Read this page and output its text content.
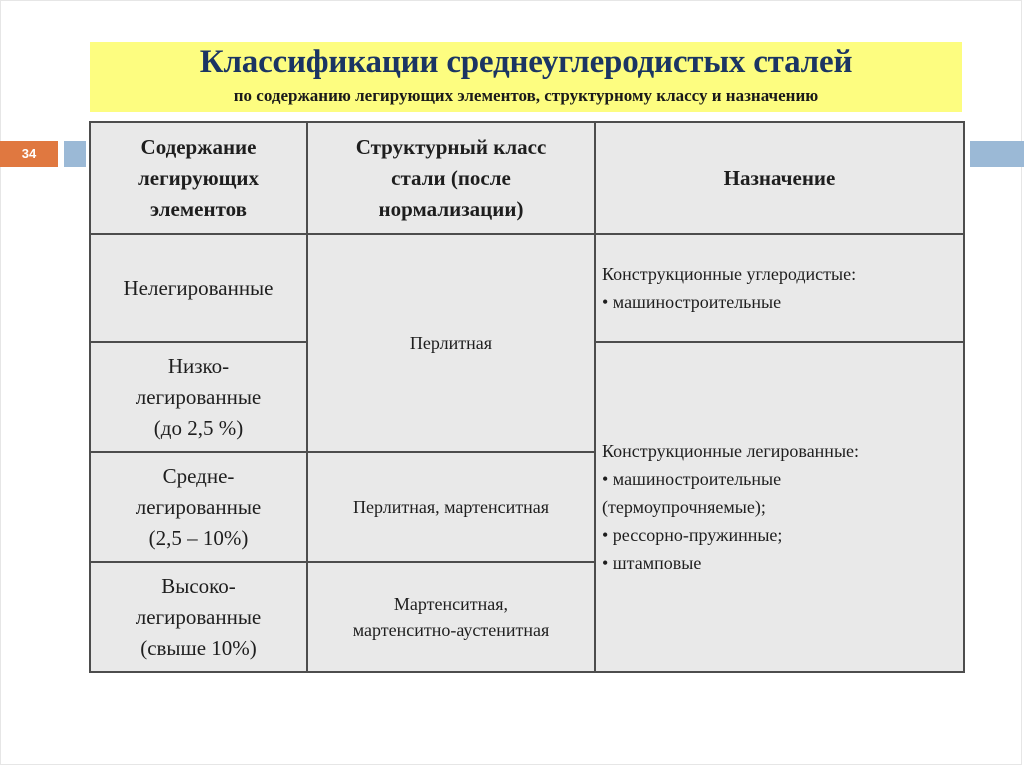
Классификации среднеуглеродистых сталей
по содержанию легирующих элементов, структурному классу и назначению
34	Содержание
легирующих
элементов	Структурный класс
стали (после
нормализации)	Назначение

Нелегированные	Перлитная	Конструкционные углеродистые:
• машиностроительные

Низко-
легированные
(до 2,5 %)		Конструкционные легированные:
• машиностроительные
(термоупрочняемые);
• рессорно-пружинные;
• штамповые

Средне-
легированные
(2,5 – 10%)	Перлитная, мартенситная	

Высоко-
легированные
(свыше 10%)	Мартенситная,
мартенситно-аустенитная	
